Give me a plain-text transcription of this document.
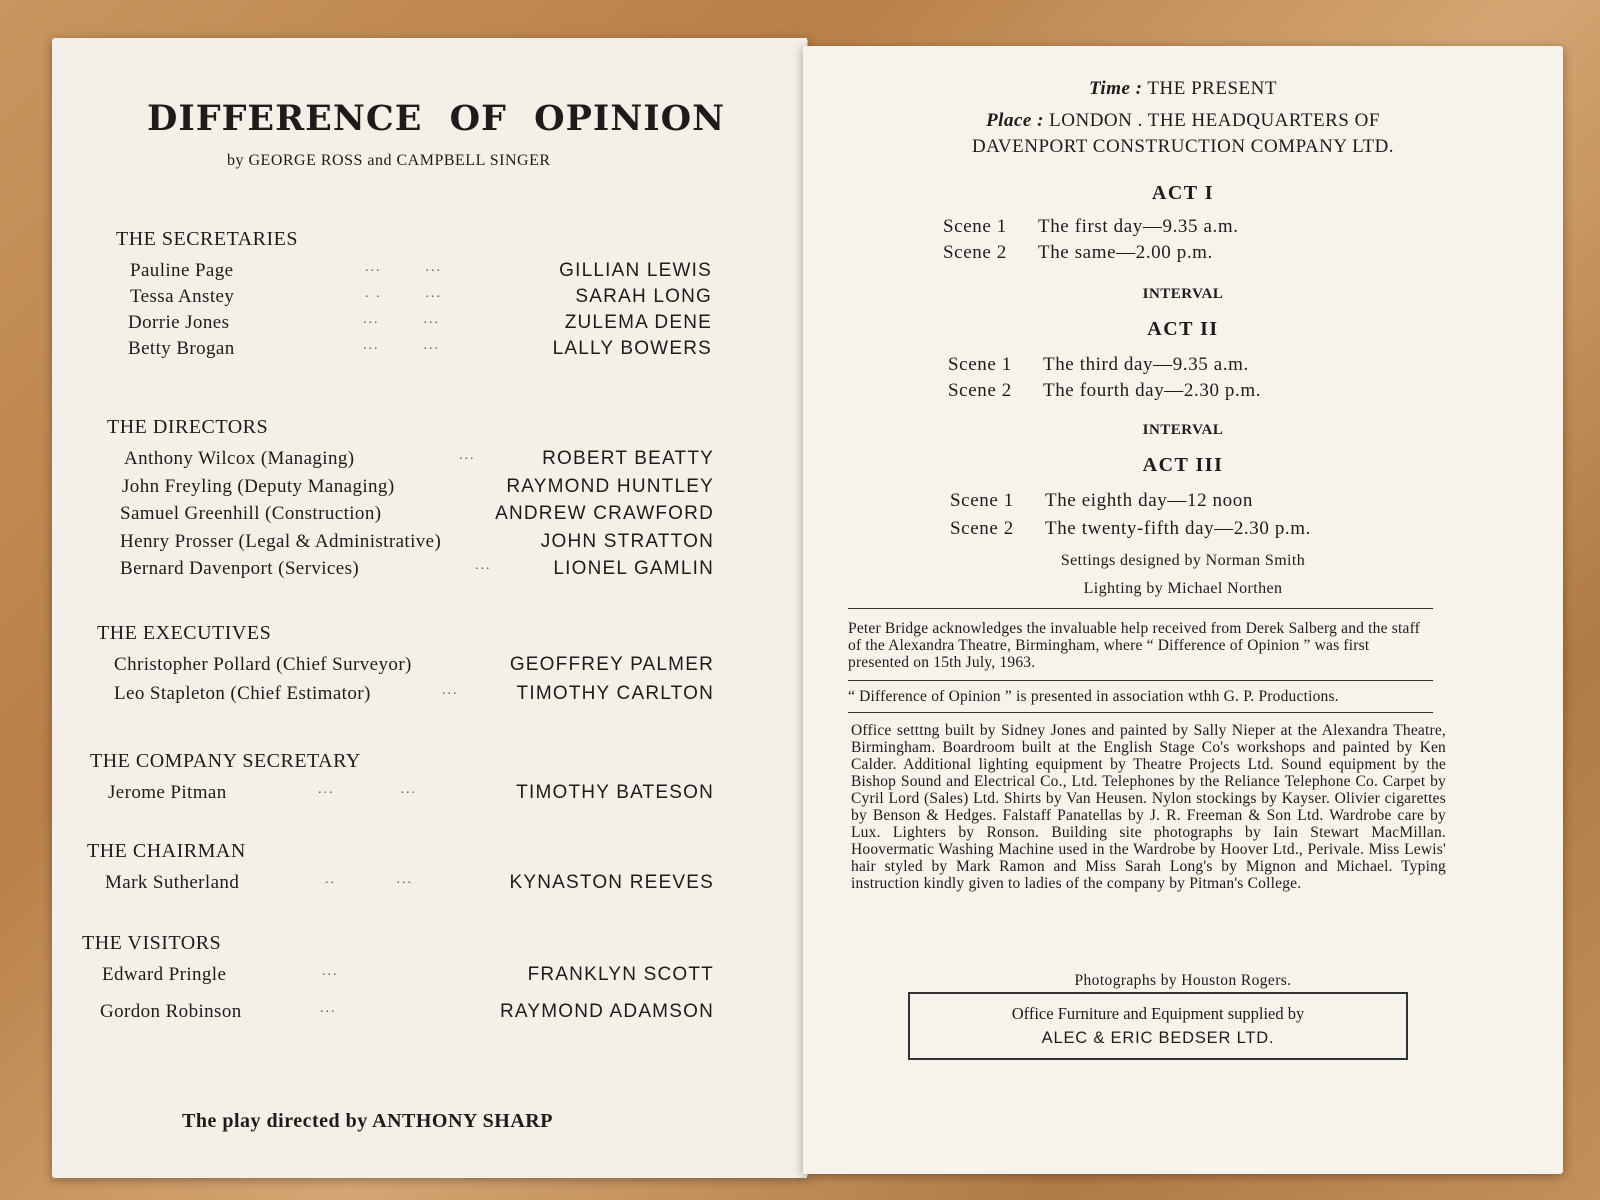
DIFFERENCE OF OPINION
by GEORGE ROSS and CAMPBELL SINGER
THE SECRETARIES
Pauline Page	...        ...	GILLIAN LEWIS
Tessa Anstey	. .        ...	SARAH LONG
Dorrie Jones	...        ...	ZULEMA DENE
Betty Brogan	...        ...	LALLY BOWERS
THE DIRECTORS
Anthony Wilcox (Managing)	...	ROBERT BEATTY
John Freyling (Deputy Managing)	RAYMOND HUNTLEY
Samuel Greenhill (Construction)	ANDREW CRAWFORD
Henry Prosser (Legal & Administrative)	JOHN STRATTON
Bernard Davenport (Services)	...	LIONEL GAMLIN
THE EXECUTIVES
Christopher Pollard (Chief Surveyor)	GEOFFREY PALMER
Leo Stapleton (Chief Estimator)	...	TIMOTHY CARLTON
THE COMPANY SECRETARY
Jerome Pitman	...            ...	TIMOTHY BATESON
THE CHAIRMAN
Mark Sutherland	..           ...	KYNASTON REEVES
THE VISITORS
Edward Pringle	...	FRANKLYN SCOTT
Gordon Robinson	...	RAYMOND ADAMSON
The play directed by ANTHONY SHARP
Time : THE PRESENT
Place : LONDON . THE HEADQUARTERS OF
DAVENPORT CONSTRUCTION COMPANY LTD.
ACT I
Scene 1 The first day—9.35 a.m.
Scene 2 The same—2.00 p.m.
INTERVAL
ACT II
Scene 1 The third day—9.35 a.m.
Scene 2 The fourth day—2.30 p.m.
INTERVAL
ACT III
Scene 1 The eighth day—12 noon
Scene 2 The twenty-fifth day—2.30 p.m.
Settings designed by Norman Smith
Lighting by Michael Northen
Peter Bridge acknowledges the invaluable help received from Derek Salberg and the staff of the Alexandra Theatre, Birmingham, where “ Difference of Opinion ” was first presented on 15th July, 1963.
“ Difference of Opinion ” is presented in association wthh G. P. Productions.
Office setttng built by Sidney Jones and painted by Sally Nieper at the Alexandra Theatre, Birmingham. Boardroom built at the English Stage Co's workshops and painted by Ken Calder. Additional lighting equipment by Theatre Projects Ltd. Sound equipment by the Bishop Sound and Electrical Co., Ltd. Telephones by the Reliance Telephone Co. Carpet by Cyril Lord (Sales) Ltd. Shirts by Van Heusen. Nylon stockings by Kayser. Olivier cigarettes by Benson & Hedges. Falstaff Panatellas by J. R. Freeman & Son Ltd. Wardrobe care by Lux. Lighters by Ronson. Building site photographs by Iain Stewart MacMillan. Hoovermatic Washing Machine used in the Wardrobe by Hoover Ltd., Perivale. Miss Lewis' hair styled by Mark Ramon and Miss Sarah Long's by Mignon and Michael. Typing instruction kindly given to ladies of the company by Pitman's College.
Photographs by Houston Rogers.
Office Furniture and Equipment supplied by
ALEC & ERIC BEDSER LTD.
